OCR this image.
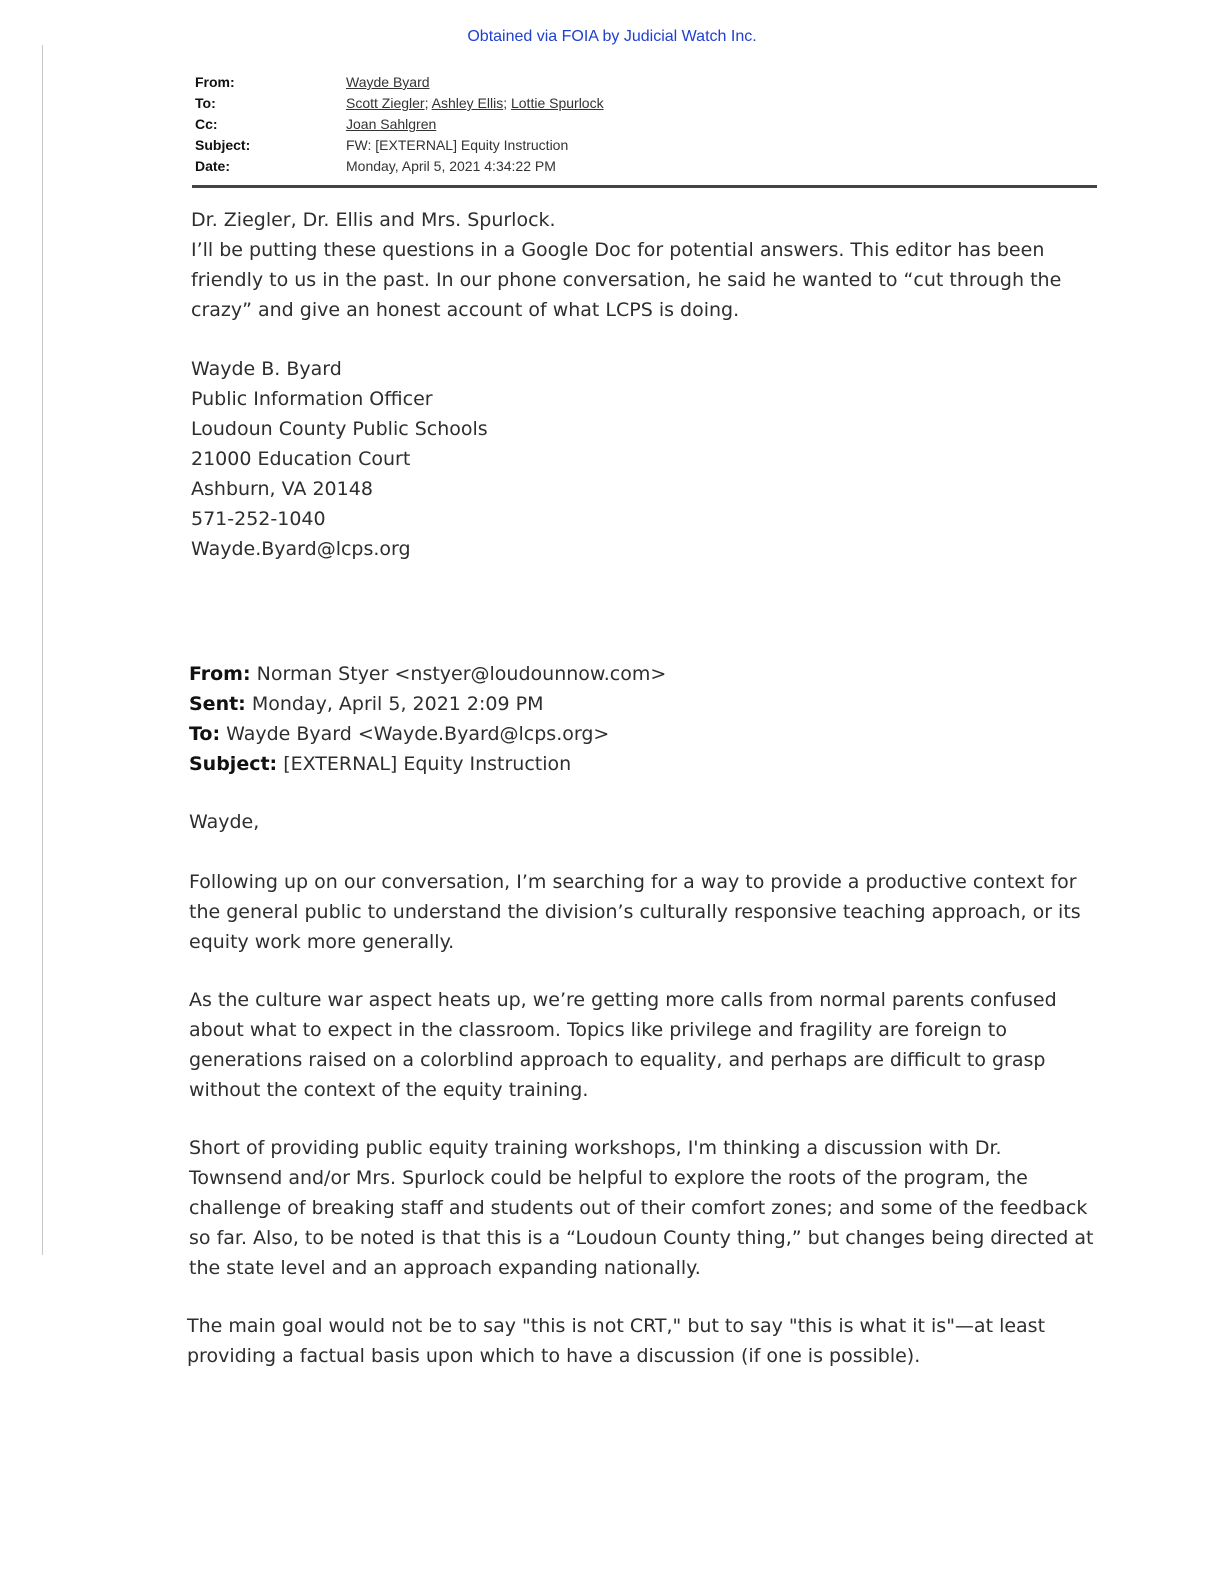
Obtained via FOIA by Judicial Watch Inc.
From:	Wayde Byard
To:	Scott Ziegler; Ashley Ellis; Lottie Spurlock
Cc:	Joan Sahlgren
Subject:	FW: [EXTERNAL] Equity Instruction
Date:	Monday, April 5, 2021 4:34:22 PM

Dr. Ziegler, Dr. Ellis and Mrs. Spurlock.

I’ll be putting these questions in a Google Doc for potential answers. This editor has been friendly to us in the past. In our phone conversation, he said he wanted to “cut through the crazy” and give an honest account of what LCPS is doing.

Wayde B. Byard

Public Information Officer

Loudoun County Public Schools

21000 Education Court

Ashburn, VA 20148

571-252-1040

Wayde.Byard@lcps.org

From: Norman Styer <nstyer@loudounnow.com>

Sent: Monday, April 5, 2021 2:09 PM

To: Wayde Byard <Wayde.Byard@lcps.org>

Subject: [EXTERNAL] Equity Instruction

Wayde,
Following up on our conversation, I’m searching for a way to provide a productive context for the general public to understand the division’s culturally responsive teaching approach, or its equity work more generally.
As the culture war aspect heats up, we’re getting more calls from normal parents confused about what to expect in the classroom. Topics like privilege and fragility are foreign to generations raised on a colorblind approach to equality, and perhaps are difficult to grasp without the context of the equity training.
Short of providing public equity training workshops, I'm thinking a discussion with Dr. Townsend and/or Mrs. Spurlock could be helpful to explore the roots of the program, the challenge of breaking staff and students out of their comfort zones; and some of the feedback so far. Also, to be noted is that this is a “Loudoun County thing,” but changes being directed at the state level and an approach expanding nationally.
The main goal would not be to say "this is not CRT," but to say "this is what it is"—at least providing a factual basis upon which to have a discussion (if one is possible).
